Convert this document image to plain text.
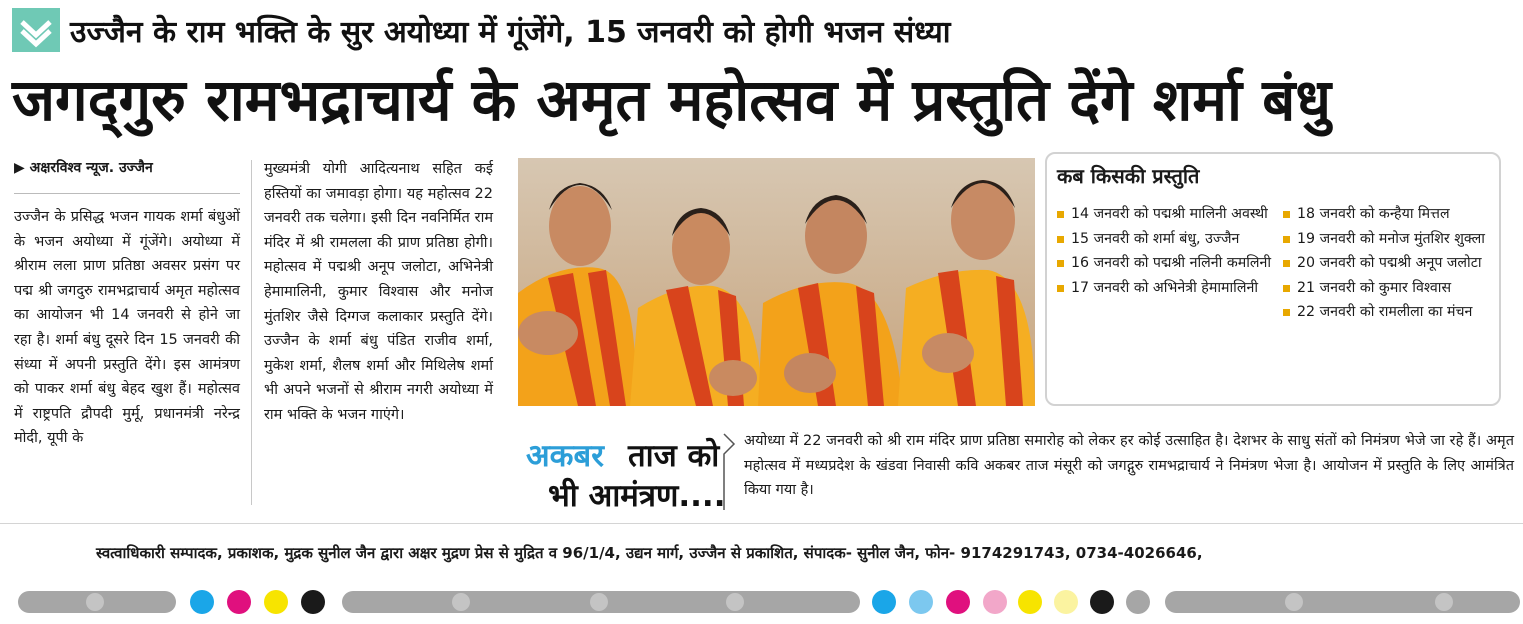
उज्जैन के राम भक्ति के सुर अयोध्या में गूंजेंगे, 15 जनवरी को होगी भजन संध्या
जगद्‌गुरु रामभद्राचार्य के अमृत महोत्सव में प्रस्तुति देंगे शर्मा बंधु
▶ अक्षरविश्व न्यूज. उज्जैन
उज्जैन के प्रसिद्ध भजन गायक शर्मा बंधुओं के भजन अयोध्या में गूंजेंगे। अयोध्या में श्रीराम लला प्राण प्रतिष्ठा अवसर प्रसंग पर पद्म श्री जगदुरु रामभद्राचार्य अमृत महोत्सव का आयोजन भी 14 जनवरी से होने जा रहा है। शर्मा बंधु दूसरे दिन 15 जनवरी की संध्या में अपनी प्रस्तुति देंगे। इस आमंत्रण को पाकर शर्मा बंधु बेहद खुश हैं। महोत्सव में राष्ट्रपति द्रौपदी मुर्मू, प्रधानमंत्री नरेन्द्र मोदी, यूपी के
मुख्यमंत्री योगी आदित्यनाथ सहित कई हस्तियों का जमावड़ा होगा। यह महोत्सव 22 जनवरी तक चलेगा। इसी दिन नवनिर्मित राम मंदिर में श्री रामलला की प्राण प्रतिष्ठा होगी। महोत्सव में पद्मश्री अनूप जलोटा, अभिनेत्री हेमामालिनी, कुमार विश्वास और मनोज मुंतशिर जैसे दिग्गज कलाकार प्रस्तुति देंगे। उज्जैन के शर्मा बंधु पंडित राजीव शर्मा, मुकेश शर्मा, शैलष शर्मा और मिथिलेष शर्मा भी अपने भजनों से श्रीराम नगरी अयोध्या में राम भक्ति के भजन गाएंगे।
कब किसकी प्रस्तुति
14 जनवरी को पद्मश्री मालिनी अवस्थी
15 जनवरी को शर्मा बंधु, उज्जैन
16 जनवरी को पद्मश्री नलिनी कमलिनी
17 जनवरी को अभिनेत्री हेमामालिनी
18 जनवरी को कन्हैया मित्तल
19 जनवरी को मनोज मुंतशिर शुक्ला
20 जनवरी को पद्मश्री अनूप जलोटा
21 जनवरी को कुमार विश्वास
22 जनवरी को रामलीला का मंचन
अकबर ताज को
भी आमंत्रण....
अयोध्या में 22 जनवरी को श्री राम मंदिर प्राण प्रतिष्ठा समारोह को लेकर हर कोई उत्साहित है। देशभर के साधु संतों को निमंत्रण भेजे जा रहे हैं। अमृत महोत्सव में मध्यप्रदेश के खंडवा निवासी कवि अकबर ताज मंसूरी को जगद्गुरु रामभद्राचार्य ने निमंत्रण भेजा है। आयोजन में प्रस्तुति के लिए आमंत्रित किया गया है।
स्वत्वाधिकारी सम्पादक, प्रकाशक, मुद्रक सुनील जैन द्वारा अक्षर मुद्रण प्रेस से मुद्रित व 96/1/4, उद्यन मार्ग, उज्जैन से प्रकाशित, संपादक- सुनील जैन, फोन- 9174291743, 0734-4026646,
